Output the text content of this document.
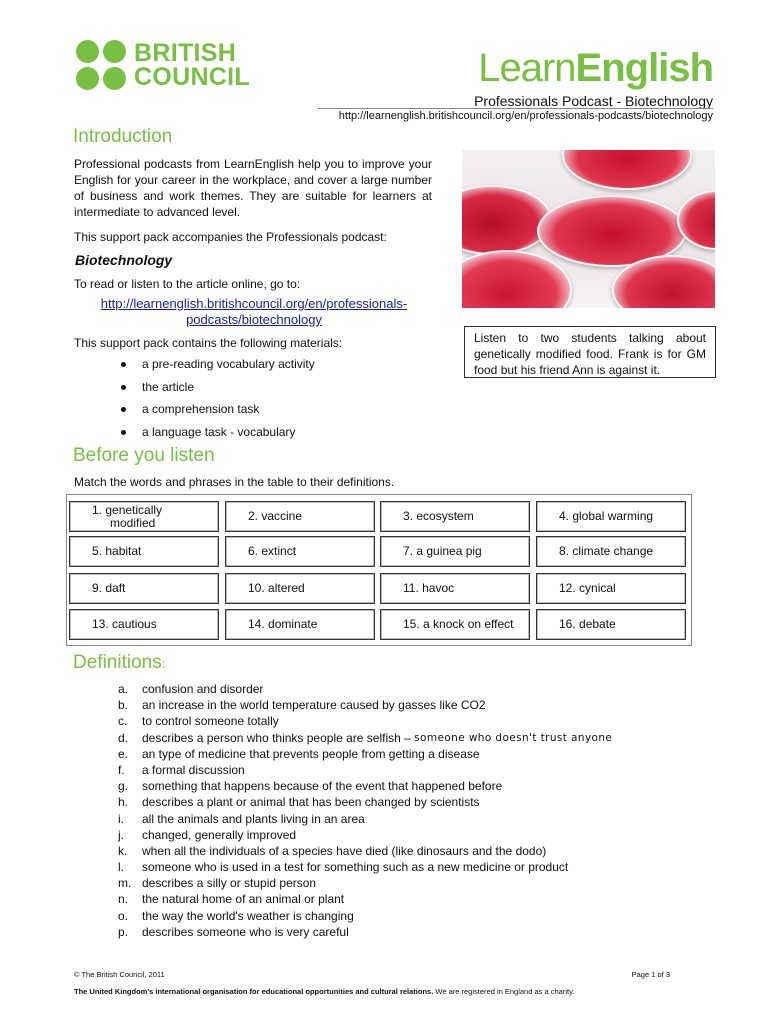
BRITISH
COUNCIL	LearnEnglish
Professionals Podcast - Biotechnology
http://learnenglish.britishcouncil.org/en/professionals-podcasts/biotechnology
Introduction
Professional podcasts from LearnEnglish help you to improve your English for your career in the workplace, and cover a large number of business and work themes. They are suitable for learners at intermediate to advanced level.
This support pack accompanies the Professionals podcast:
Biotechnology
To read or listen to the article online, go to:
http://learnenglish.britishcouncil.org/en/professionals-
podcasts/biotechnology
This support pack contains the following materials:
a pre-reading vocabulary activity
the article
a comprehension task
a language task - vocabulary
Listen to two students talking about genetically modified food. Frank is for GM food but his friend Ann is against it.
Before you listen
Match the words and phrases in the table to their definitions.
1. genetically
modified	2. vaccine	3. ecosystem	4. global warming
5. habitat	6. extinct	7. a guinea pig	8. climate change
9. daft	10. altered	11. havoc	12. cynical
13. cautious	14. dominate	15. a knock on effect	16. debate
Definitions:
a.	confusion and disorder
b.	an increase in the world temperature caused by gasses like CO2
c.	to control someone totally
d.	describes a person who thinks people are selfish – someone who doesn't trust anyone
e.	an type of medicine that prevents people from getting a disease
f.	a formal discussion
g.	something that happens because of the event that happened before
h.	describes a plant or animal that has been changed by scientists
i.	all the animals and plants living in an area
j.	changed, generally improved
k.	when all the individuals of a species have died (like dinosaurs and the dodo)
l.	someone who is used in a test for something such as a new medicine or product
m. describes a silly or stupid person
n.	the natural home of an animal or plant
o.	the way the world's weather is changing
p.	describes someone who is very careful
© The British Council, 2011	Page 1 of 3
The United Kingdom's international organisation for educational opportunities and cultural relations. We are registered in England as a charity.
